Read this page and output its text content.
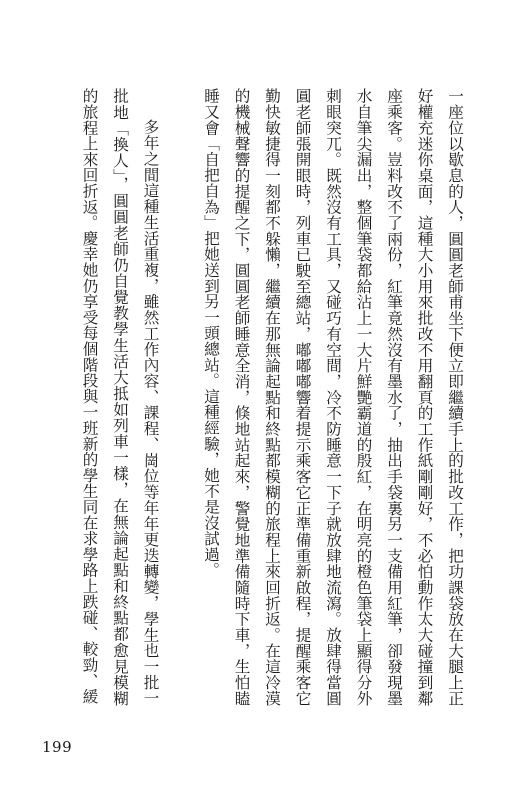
一座位以歇息的人，圓圓老師甫坐下便立即繼續手上的批改工作，把功課袋放在大腿上正好權充迷你桌面，這種大小用來批改不用翻頁的工作紙剛剛好，不必怕動作太大碰撞到鄰座乘客。豈料改不了兩份，紅筆竟然沒有墨水了，抽出手袋裏另一支備用紅筆，卻發現墨水自筆尖漏出，整個筆袋都給沾上一大片鮮艷霸道的殷紅，在明亮的橙色筆袋上顯得分外刺眼突兀。既然沒有工具，又碰巧有空間，冷不防睡意一下子就放肆地流瀉。放肆得當圓圓老師張開眼時，列車已駛至總站，嘟嘟嘟響着提示乘客它正準備重新啟程，提醒乘客它勤快敏捷得一刻都不躲懶，繼續在那無論起點和終點都模糊的旅程上來回折返。在這冷漠的機械聲響的提醒之下，圓圓老師睡意全消，倏地站起來，警覺地準備隨時下車，生怕瞌睡又會「自把自為」把她送到另一頭總站。這種經驗，她不是沒試過。

多年之間這種生活重複，雖然工作內容、課程、崗位等年年更迭轉變，學生也一批一批地「換人」，圓圓老師仍自覺教學生活大抵如列車一樣，在無論起點和終點都愈見模糊的旅程上來回折返。慶幸她仍享受每個階段與一班新的學生同在求學路上跌碰、較勁、緩

199
